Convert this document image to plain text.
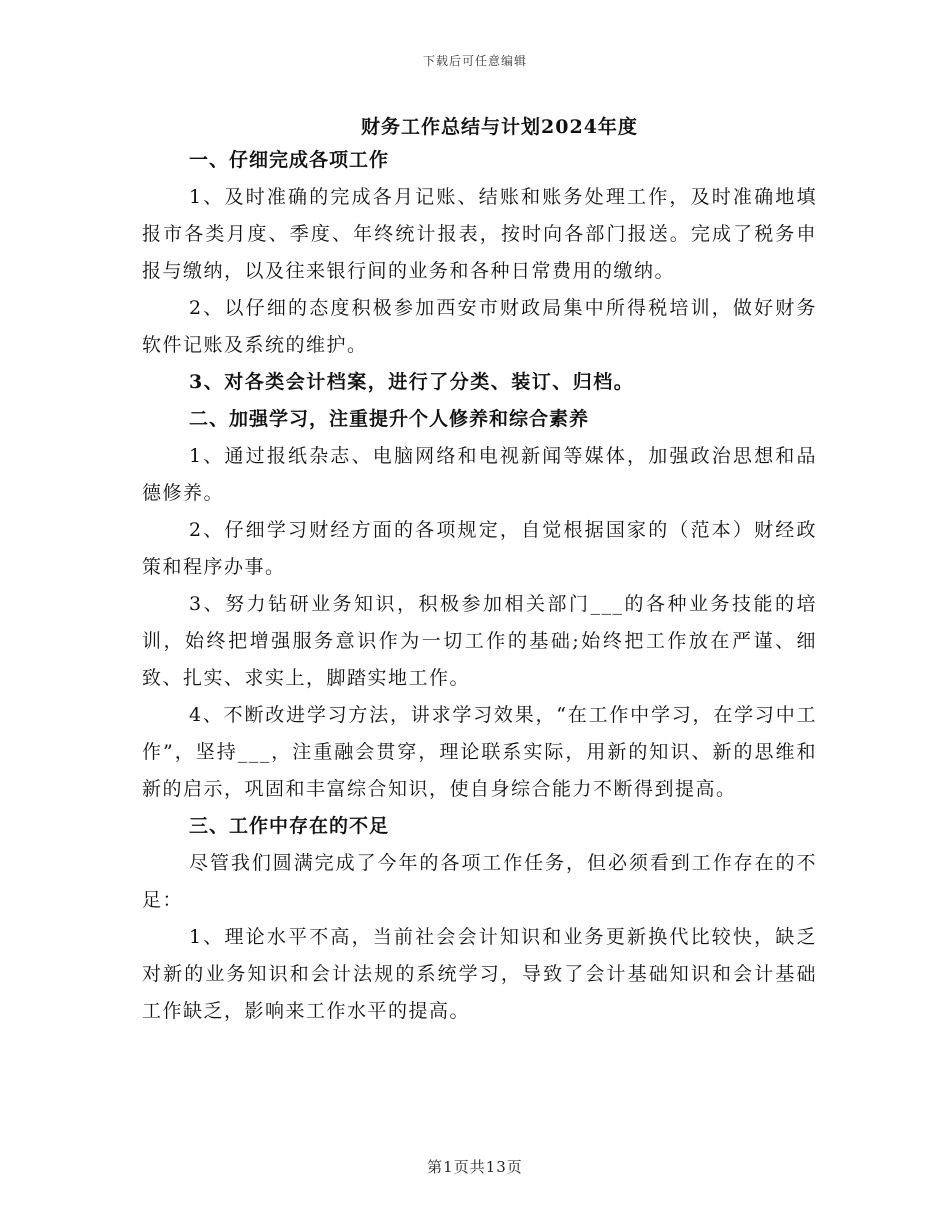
下载后可任意编辑

财务工作总结与计划2024年度

一、仔细完成各项工作

1、及时准确的完成各月记账、结账和账务处理工作，及时准确地填报市各类月度、季度、年终统计报表，按时向各部门报送。完成了税务申报与缴纳，以及往来银行间的业务和各种日常费用的缴纳。

2、以仔细的态度积极参加西安市财政局集中所得税培训，做好财务软件记账及系统的维护。

3、对各类会计档案，进行了分类、装订、归档。

二、加强学习，注重提升个人修养和综合素养

1、通过报纸杂志、电脑网络和电视新闻等媒体，加强政治思想和品德修养。

2、仔细学习财经方面的各项规定，自觉根据国家的（范本）财经政策和程序办事。

3、努力钻研业务知识，积极参加相关部门___的各种业务技能的培训，始终把增强服务意识作为一切工作的基础;始终把工作放在严谨、细致、扎实、求实上，脚踏实地工作。

4、不断改进学习方法，讲求学习效果，“在工作中学习，在学习中工作”，坚持___，注重融会贯穿，理论联系实际，用新的知识、新的思维和新的启示，巩固和丰富综合知识，使自身综合能力不断得到提高。

三、工作中存在的不足

尽管我们圆满完成了今年的各项工作任务，但必须看到工作存在的不足：

1、理论水平不高，当前社会会计知识和业务更新换代比较快，缺乏对新的业务知识和会计法规的系统学习，导致了会计基础知识和会计基础工作缺乏，影响来工作水平的提高。

第1页共13页
